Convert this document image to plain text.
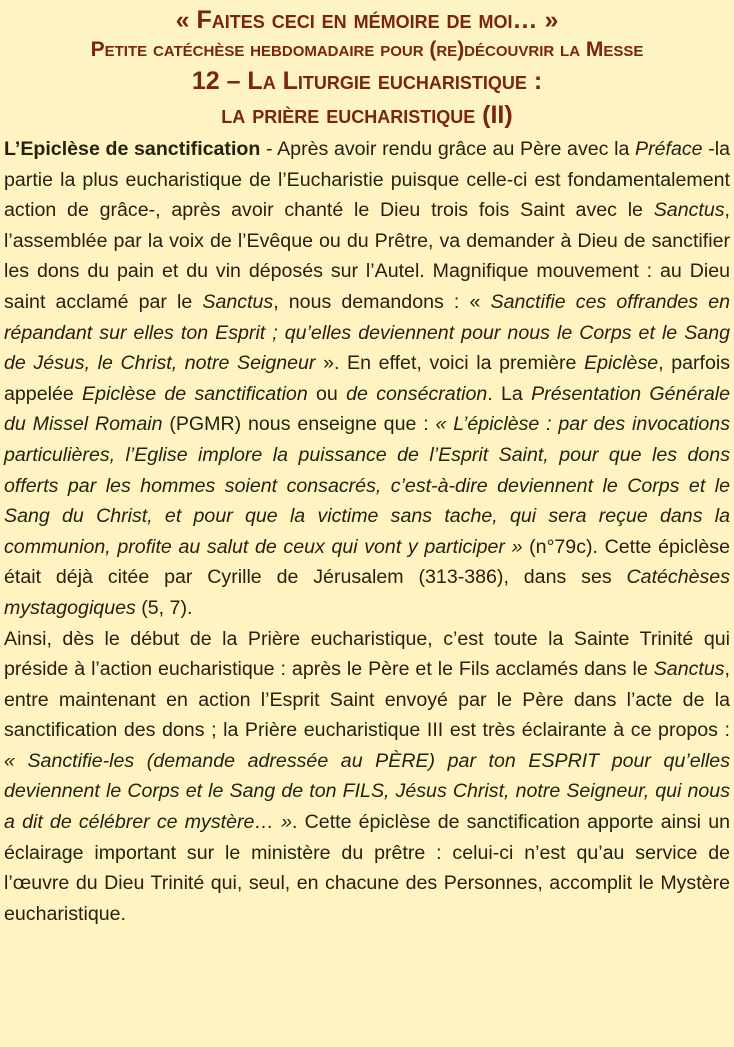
« Faites ceci en mémoire de moi… »
Petite catéchèse hebdomadaire pour (re)découvrir la Messe
12 – La Liturgie eucharistique :
la prière eucharistique (II)

L’Epiclèse de sanctification - Après avoir rendu grâce au Père avec la Préface -la partie la plus eucharistique de l’Eucharistie puisque celle-ci est fondamentalement action de grâce-, après avoir chanté le Dieu trois fois Saint avec le Sanctus, l’assemblée par la voix de l’Evêque ou du Prêtre, va demander à Dieu de sanctifier les dons du pain et du vin déposés sur l’Autel. Magnifique mouvement : au Dieu saint acclamé par le Sanctus, nous demandons : « Sanctifie ces offrandes en répandant sur elles ton Esprit ; qu’elles deviennent pour nous le Corps et le Sang de Jésus, le Christ, notre Seigneur ». En effet, voici la première Epiclèse, parfois appelée Epiclèse de sanctification ou de consécration. La Présentation Générale du Missel Romain (PGMR) nous enseigne que : « L’épiclèse : par des invocations particulières, l’Eglise implore la puissance de l’Esprit Saint, pour que les dons offerts par les hommes soient consacrés, c’est-à-dire deviennent le Corps et le Sang du Christ, et pour que la victime sans tache, qui sera reçue dans la communion, profite au salut de ceux qui vont y participer » (n°79c). Cette épiclèse était déjà citée par Cyrille de Jérusalem (313-386), dans ses Catéchèses mystagogiques (5, 7).

Ainsi, dès le début de la Prière eucharistique, c’est toute la Sainte Trinité qui préside à l’action eucharistique : après le Père et le Fils acclamés dans le Sanctus, entre maintenant en action l’Esprit Saint envoyé par le Père dans l’acte de la sanctification des dons ; la Prière eucharistique III est très éclairante à ce propos : « Sanctifie-les (demande adressée au PÈRE) par ton ESPRIT pour qu’elles deviennent le Corps et le Sang de ton FILS, Jésus Christ, notre Seigneur, qui nous a dit de célébrer ce mystère… ». Cette épiclèse de sanctification apporte ainsi un éclairage important sur le ministère du prêtre : celui-ci n’est qu’au service de l’œuvre du Dieu Trinité qui, seul, en chacune des Personnes, accomplit le Mystère eucharistique.
